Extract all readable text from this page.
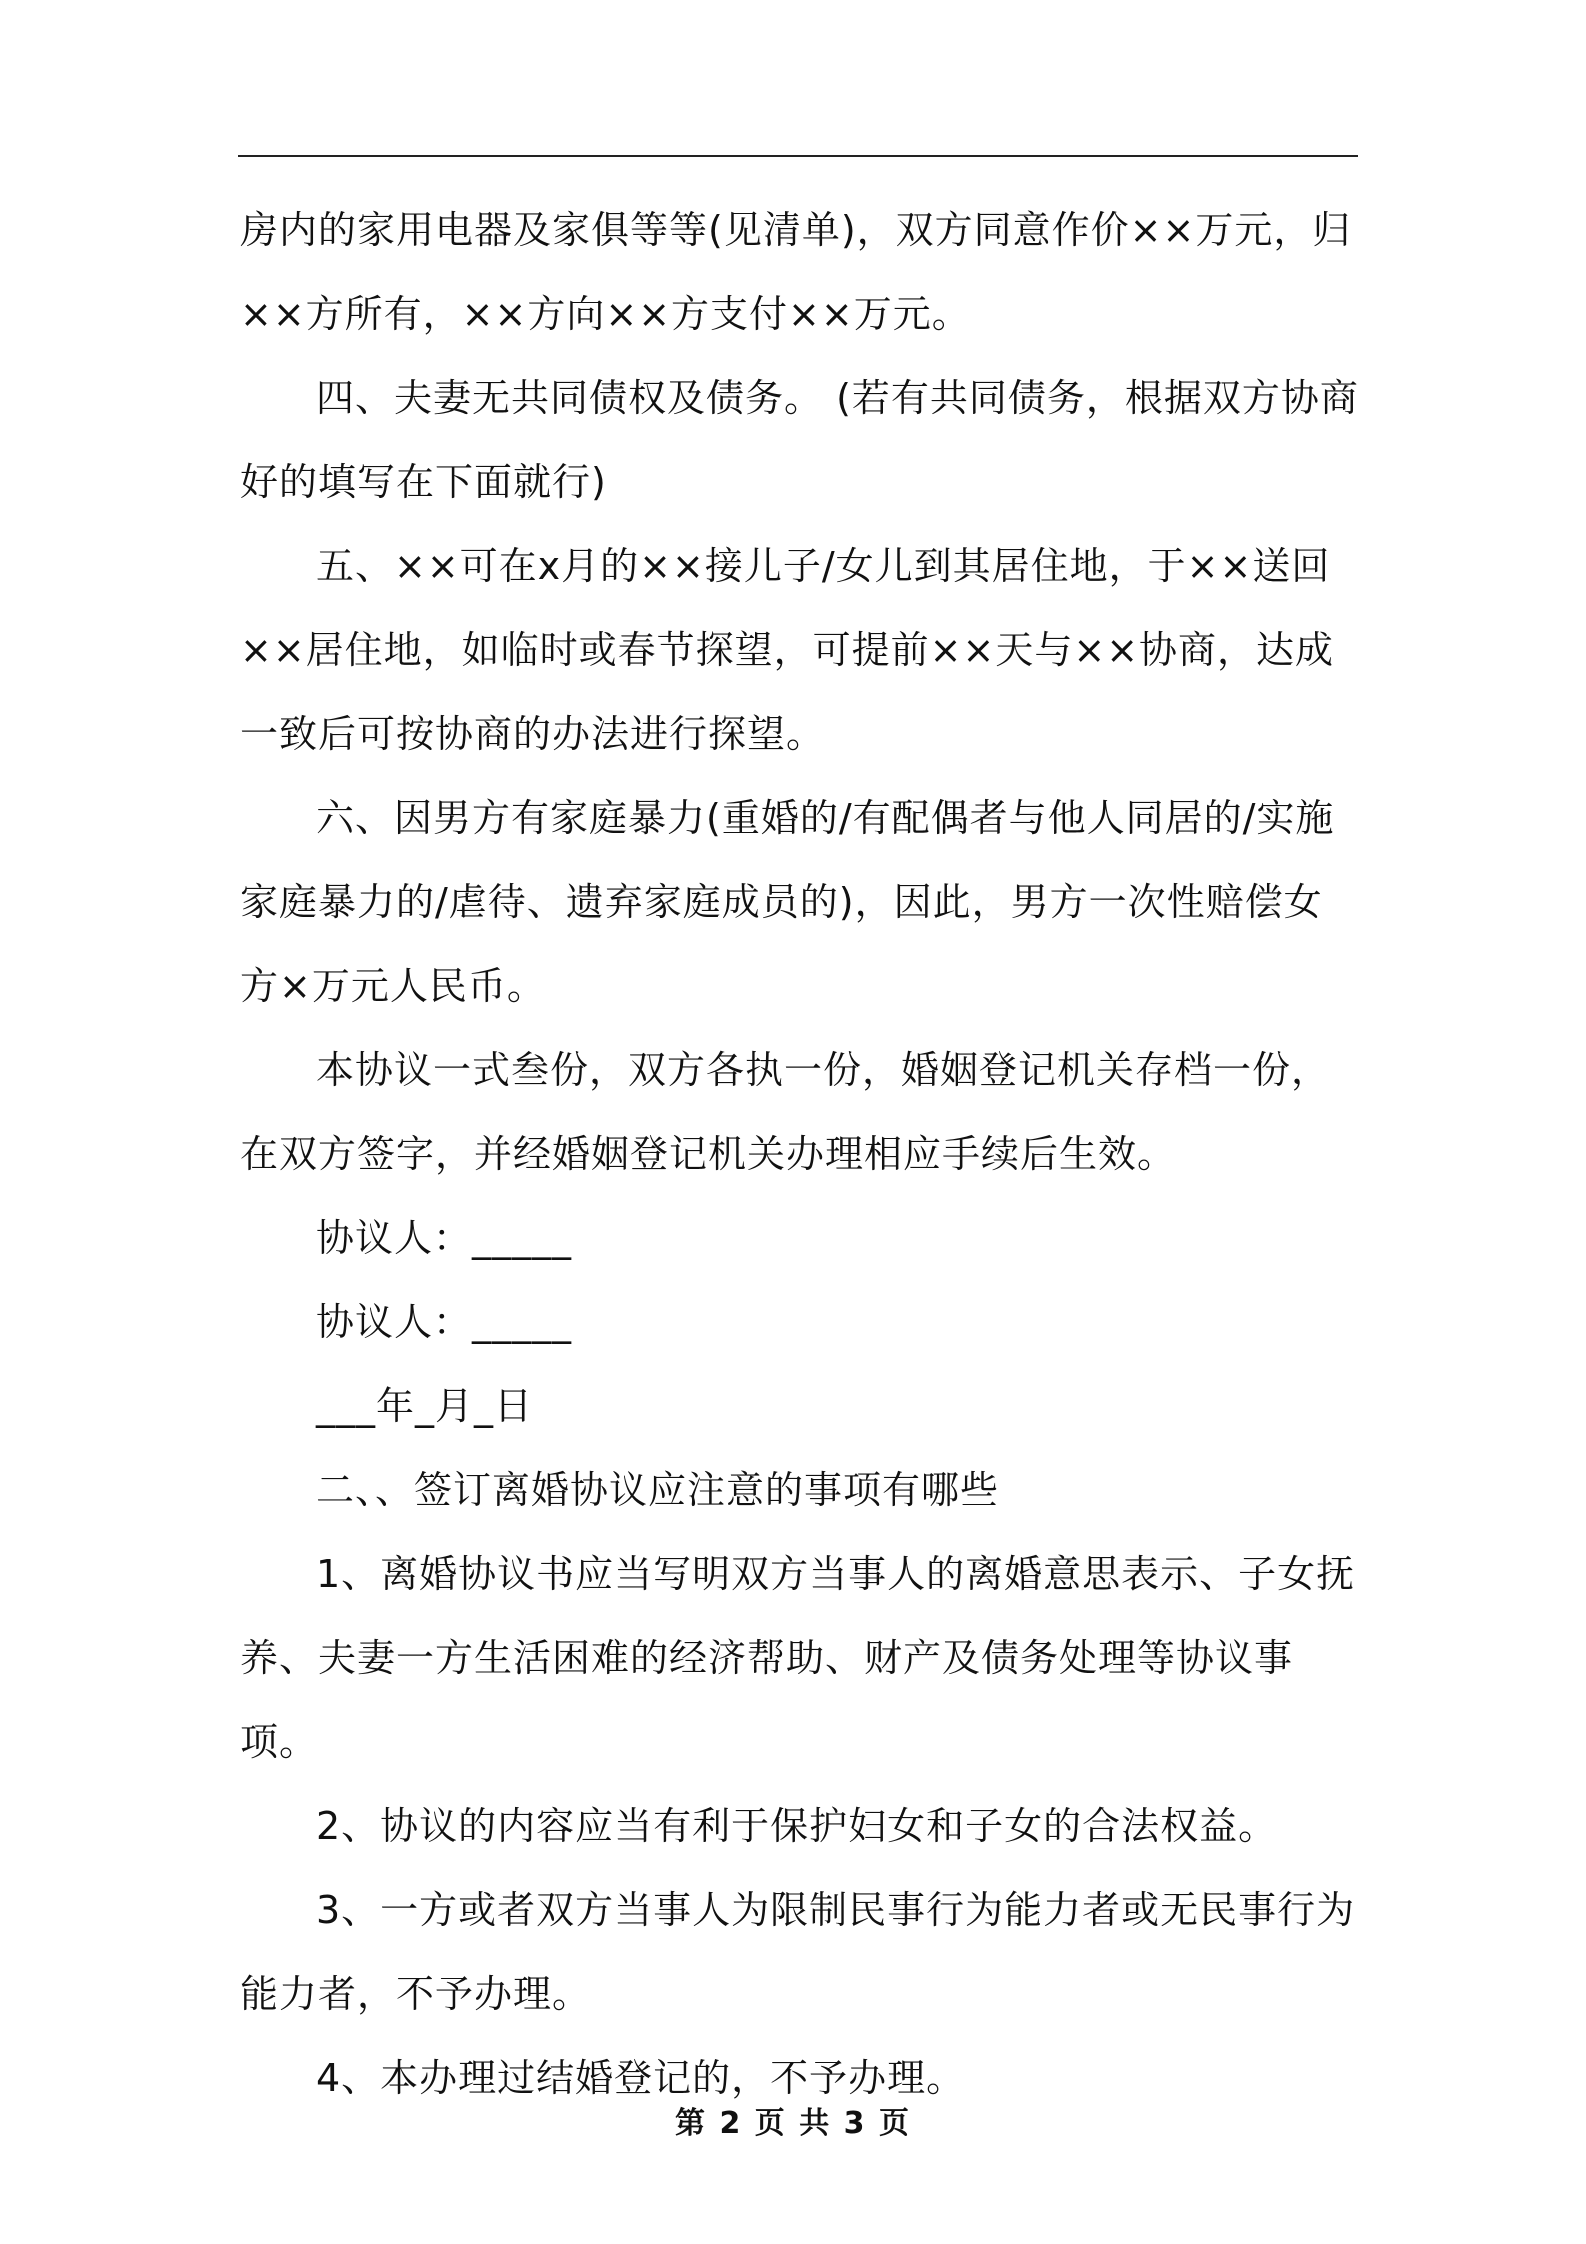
房内的家用电器及家俱等等(见清单)，双方同意作价××万元，归××方所有，××方向××方支付××万元。

四、夫妻无共同债权及债务。 (若有共同债务，根据双方协商好的填写在下面就行)

五、××可在x月的××接儿子/女儿到其居住地，于××送回××居住地，如临时或春节探望，可提前××天与××协商，达成一致后可按协商的办法进行探望。

六、因男方有家庭暴力(重婚的/有配偶者与他人同居的/实施家庭暴力的/虐待、遗弃家庭成员的)，因此，男方一次性赔偿女方×万元人民币。

本协议一式叁份，双方各执一份，婚姻登记机关存档一份，在双方签字，并经婚姻登记机关办理相应手续后生效。

协议人：_____

协议人：_____

___年_月_日

二、、签订离婚协议应注意的事项有哪些

1、离婚协议书应当写明双方当事人的离婚意思表示、子女抚养、夫妻一方生活困难的经济帮助、财产及债务处理等协议事项。

2、协议的内容应当有利于保护妇女和子女的合法权益。

3、一方或者双方当事人为限制民事行为能力者或无民事行为能力者，不予办理。

4、本办理过结婚登记的，不予办理。

第 2 页 共 3 页
